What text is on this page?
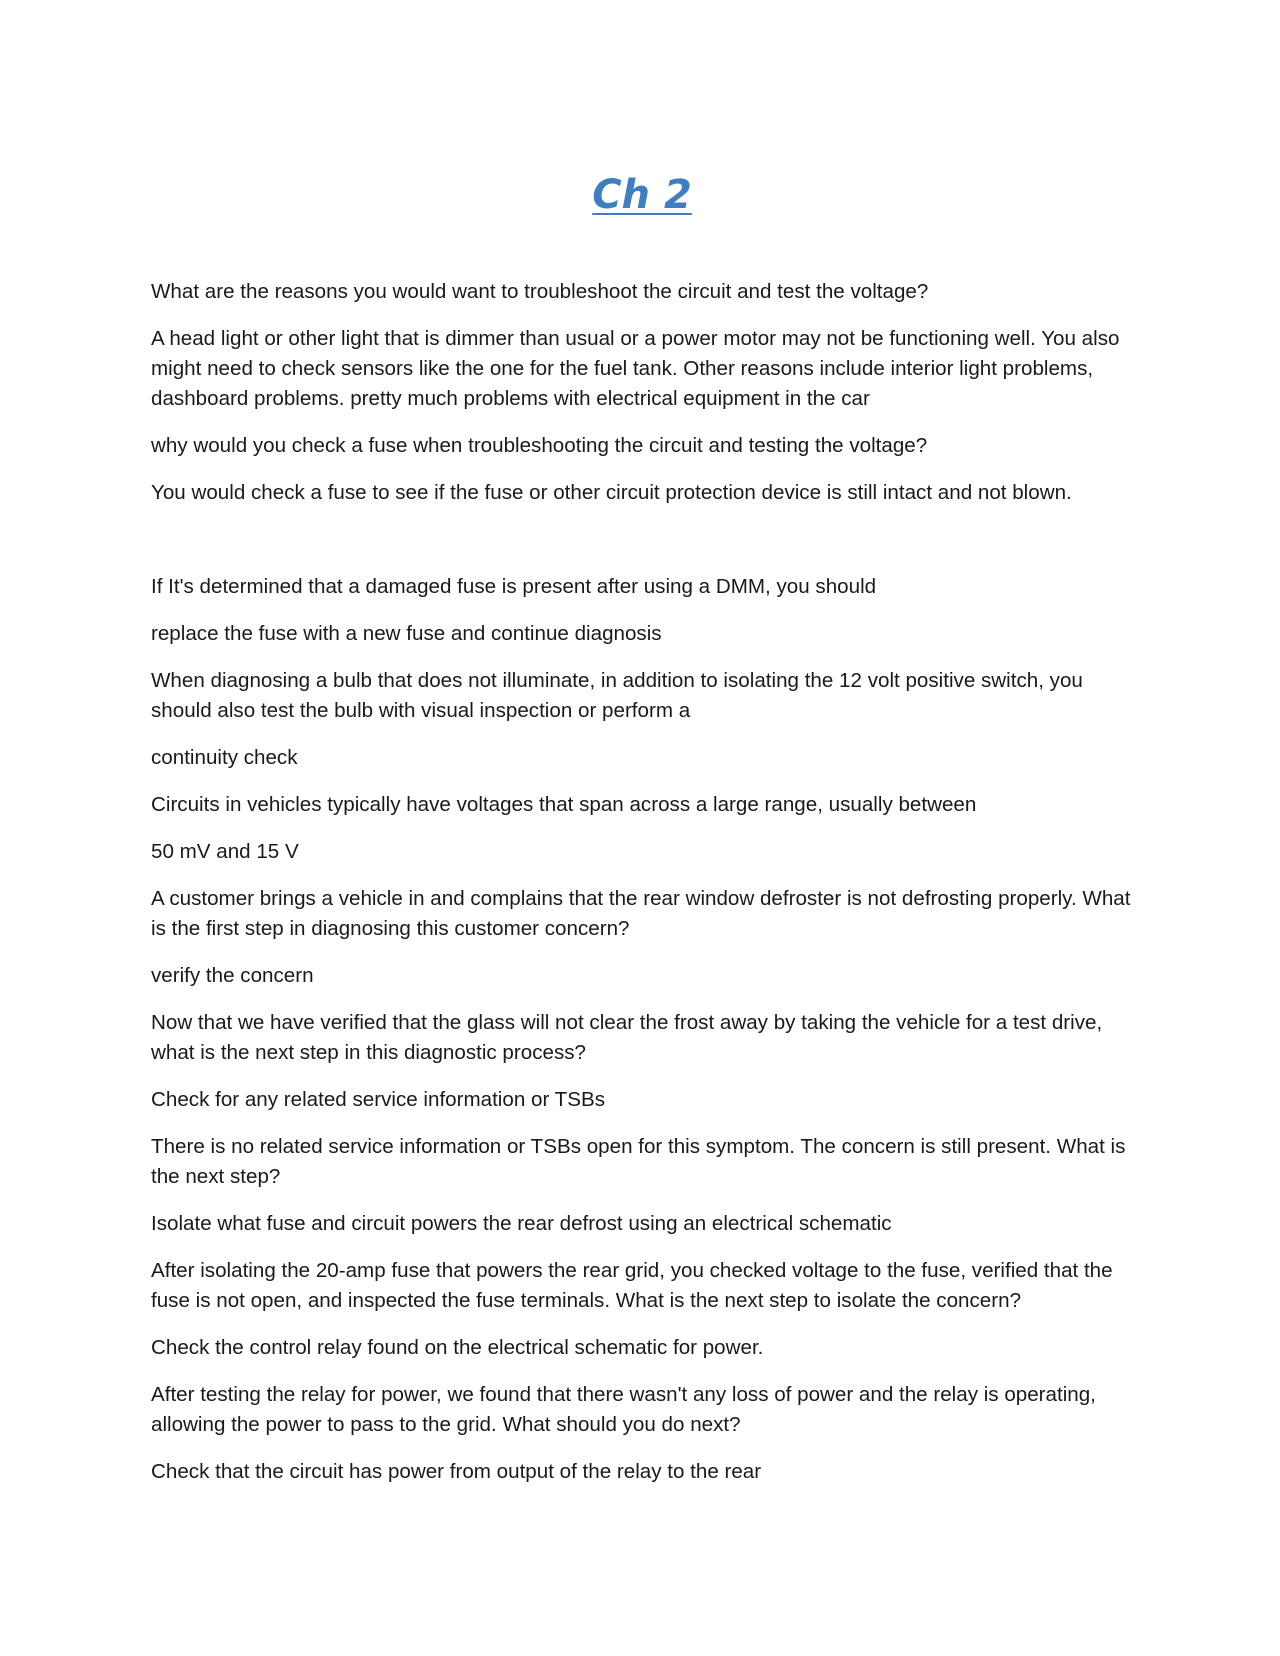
Ch 2

What are the reasons you would want to troubleshoot the circuit and test the voltage?

A head light or other light that is dimmer than usual or a power motor may not be functioning well. You also might need to check sensors like the one for the fuel tank. Other reasons include interior light problems, dashboard problems. pretty much problems with electrical equipment in the car

why would you check a fuse when troubleshooting the circuit and testing the voltage?

You would check a fuse to see if the fuse or other circuit protection device is still intact and not blown.

If It's determined that a damaged fuse is present after using a DMM, you should

replace the fuse with a new fuse and continue diagnosis

When diagnosing a bulb that does not illuminate, in addition to isolating the 12 volt positive switch, you should also test the bulb with visual inspection or perform a

continuity check

Circuits in vehicles typically have voltages that span across a large range, usually between

50 mV and 15 V

A customer brings a vehicle in and complains that the rear window defroster is not defrosting properly. What is the first step in diagnosing this customer concern?

verify the concern

Now that we have verified that the glass will not clear the frost away by taking the vehicle for a test drive, what is the next step in this diagnostic process?

Check for any related service information or TSBs

There is no related service information or TSBs open for this symptom. The concern is still present. What is the next step?

Isolate what fuse and circuit powers the rear defrost using an electrical schematic

After isolating the 20-amp fuse that powers the rear grid, you checked voltage to the fuse, verified that the fuse is not open, and inspected the fuse terminals. What is the next step to isolate the concern?

Check the control relay found on the electrical schematic for power.

After testing the relay for power, we found that there wasn't any loss of power and the relay is operating, allowing the power to pass to the grid. What should you do next?

Check that the circuit has power from output of the relay to the rear
